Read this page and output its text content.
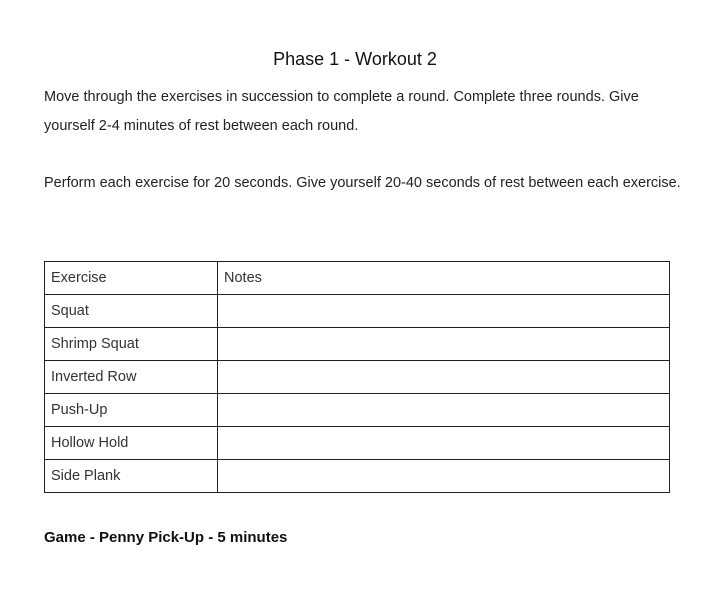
Phase 1 - Workout 2
Move through the exercises in succession to complete a round. Complete three rounds. Give yourself 2-4 minutes of rest between each round.
Perform each exercise for 20 seconds. Give yourself 20-40 seconds of rest between each exercise.
Exercise	Notes
Squat	
Shrimp Squat	
Inverted Row	
Push-Up	
Hollow Hold	
Side Plank	
Game - Penny Pick-Up - 5 minutes
